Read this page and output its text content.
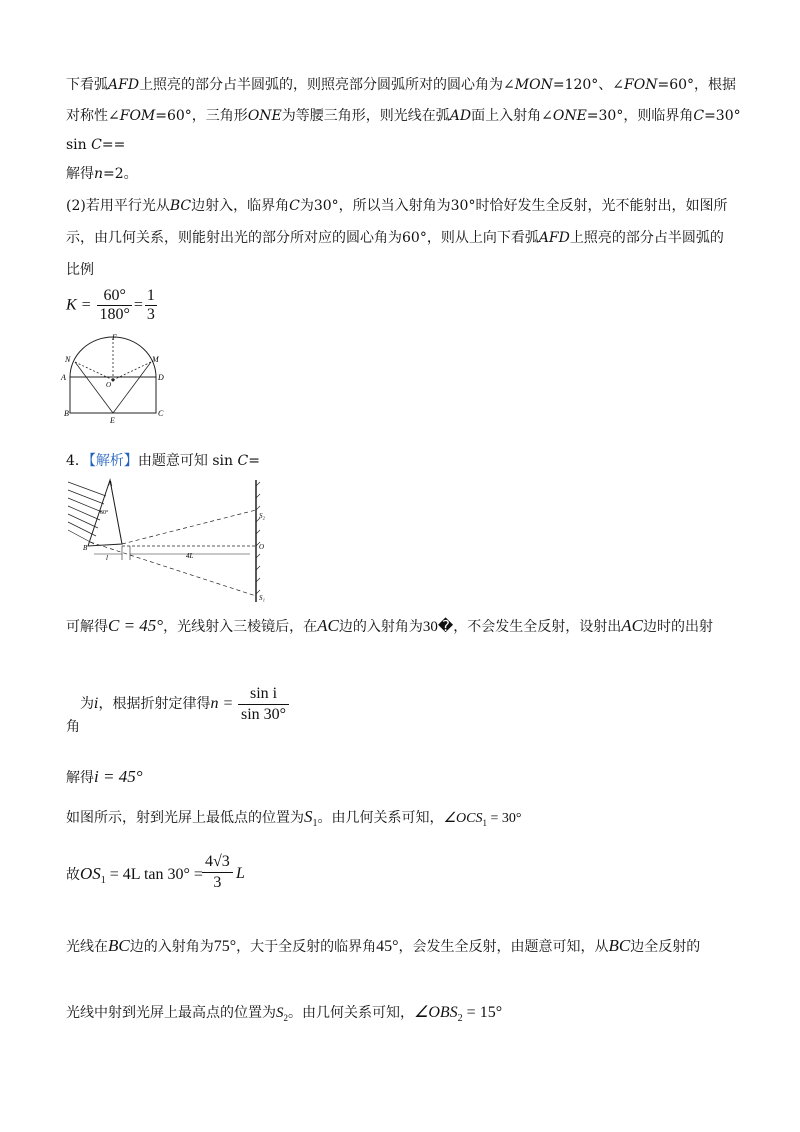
下看弧AFD上照亮的部分占半圆弧的，则照亮部分圆弧所对的圆心角为∠MON=120°、∠FON=60°，根据
对称性∠FOM=60°，三角形ONE为等腰三角形，则光线在弧AD面上入射角∠ONE=30°，则临界角C=30°
sin C==
解得n=2。
(2)若用平行光从BC边射入，临界角C为30°，所以当入射角为30°时恰好发生全反射，光不能射出，如图所
示，由几何关系，则能射出光的部分所对应的圆心角为60°，则从上向下看弧AFD上照亮的部分占半圆弧的
比例
$K = \frac{60^\circ}{180^\circ} = \frac{1}{3}$
F
N	M
A	D
O
B	C
E
4．【解析】由题意可知 sin C=
A
B
60°	S₂
O
S₁
4L
l
可解得C = 45°，光线射入三棱镜后，在AC边的入射角为30�，不会发生全反射，设射出AC边时的出射
为i，根据折射定律得$n = \frac{\text{sin i}}{\sin 30^\circ}$
角
解得i = 45°
如图所示，射到光屏上最低点的位置为$S_1$。由几何关系可知，$\angle OCS_1 = 30^\circ$
故$OS_1 = 4L$ $\tan 30^\circ = \frac{4√3}{3}$ L
光线在BC边的入射角为75°，大于全反射的临界角45°，会发生全反射，由题意可知，从BC边全反射的
光线中射到光屏上最高点的位置为$S_2$。由几何关系可知，$\angle OBS_2 = 15^\circ$
